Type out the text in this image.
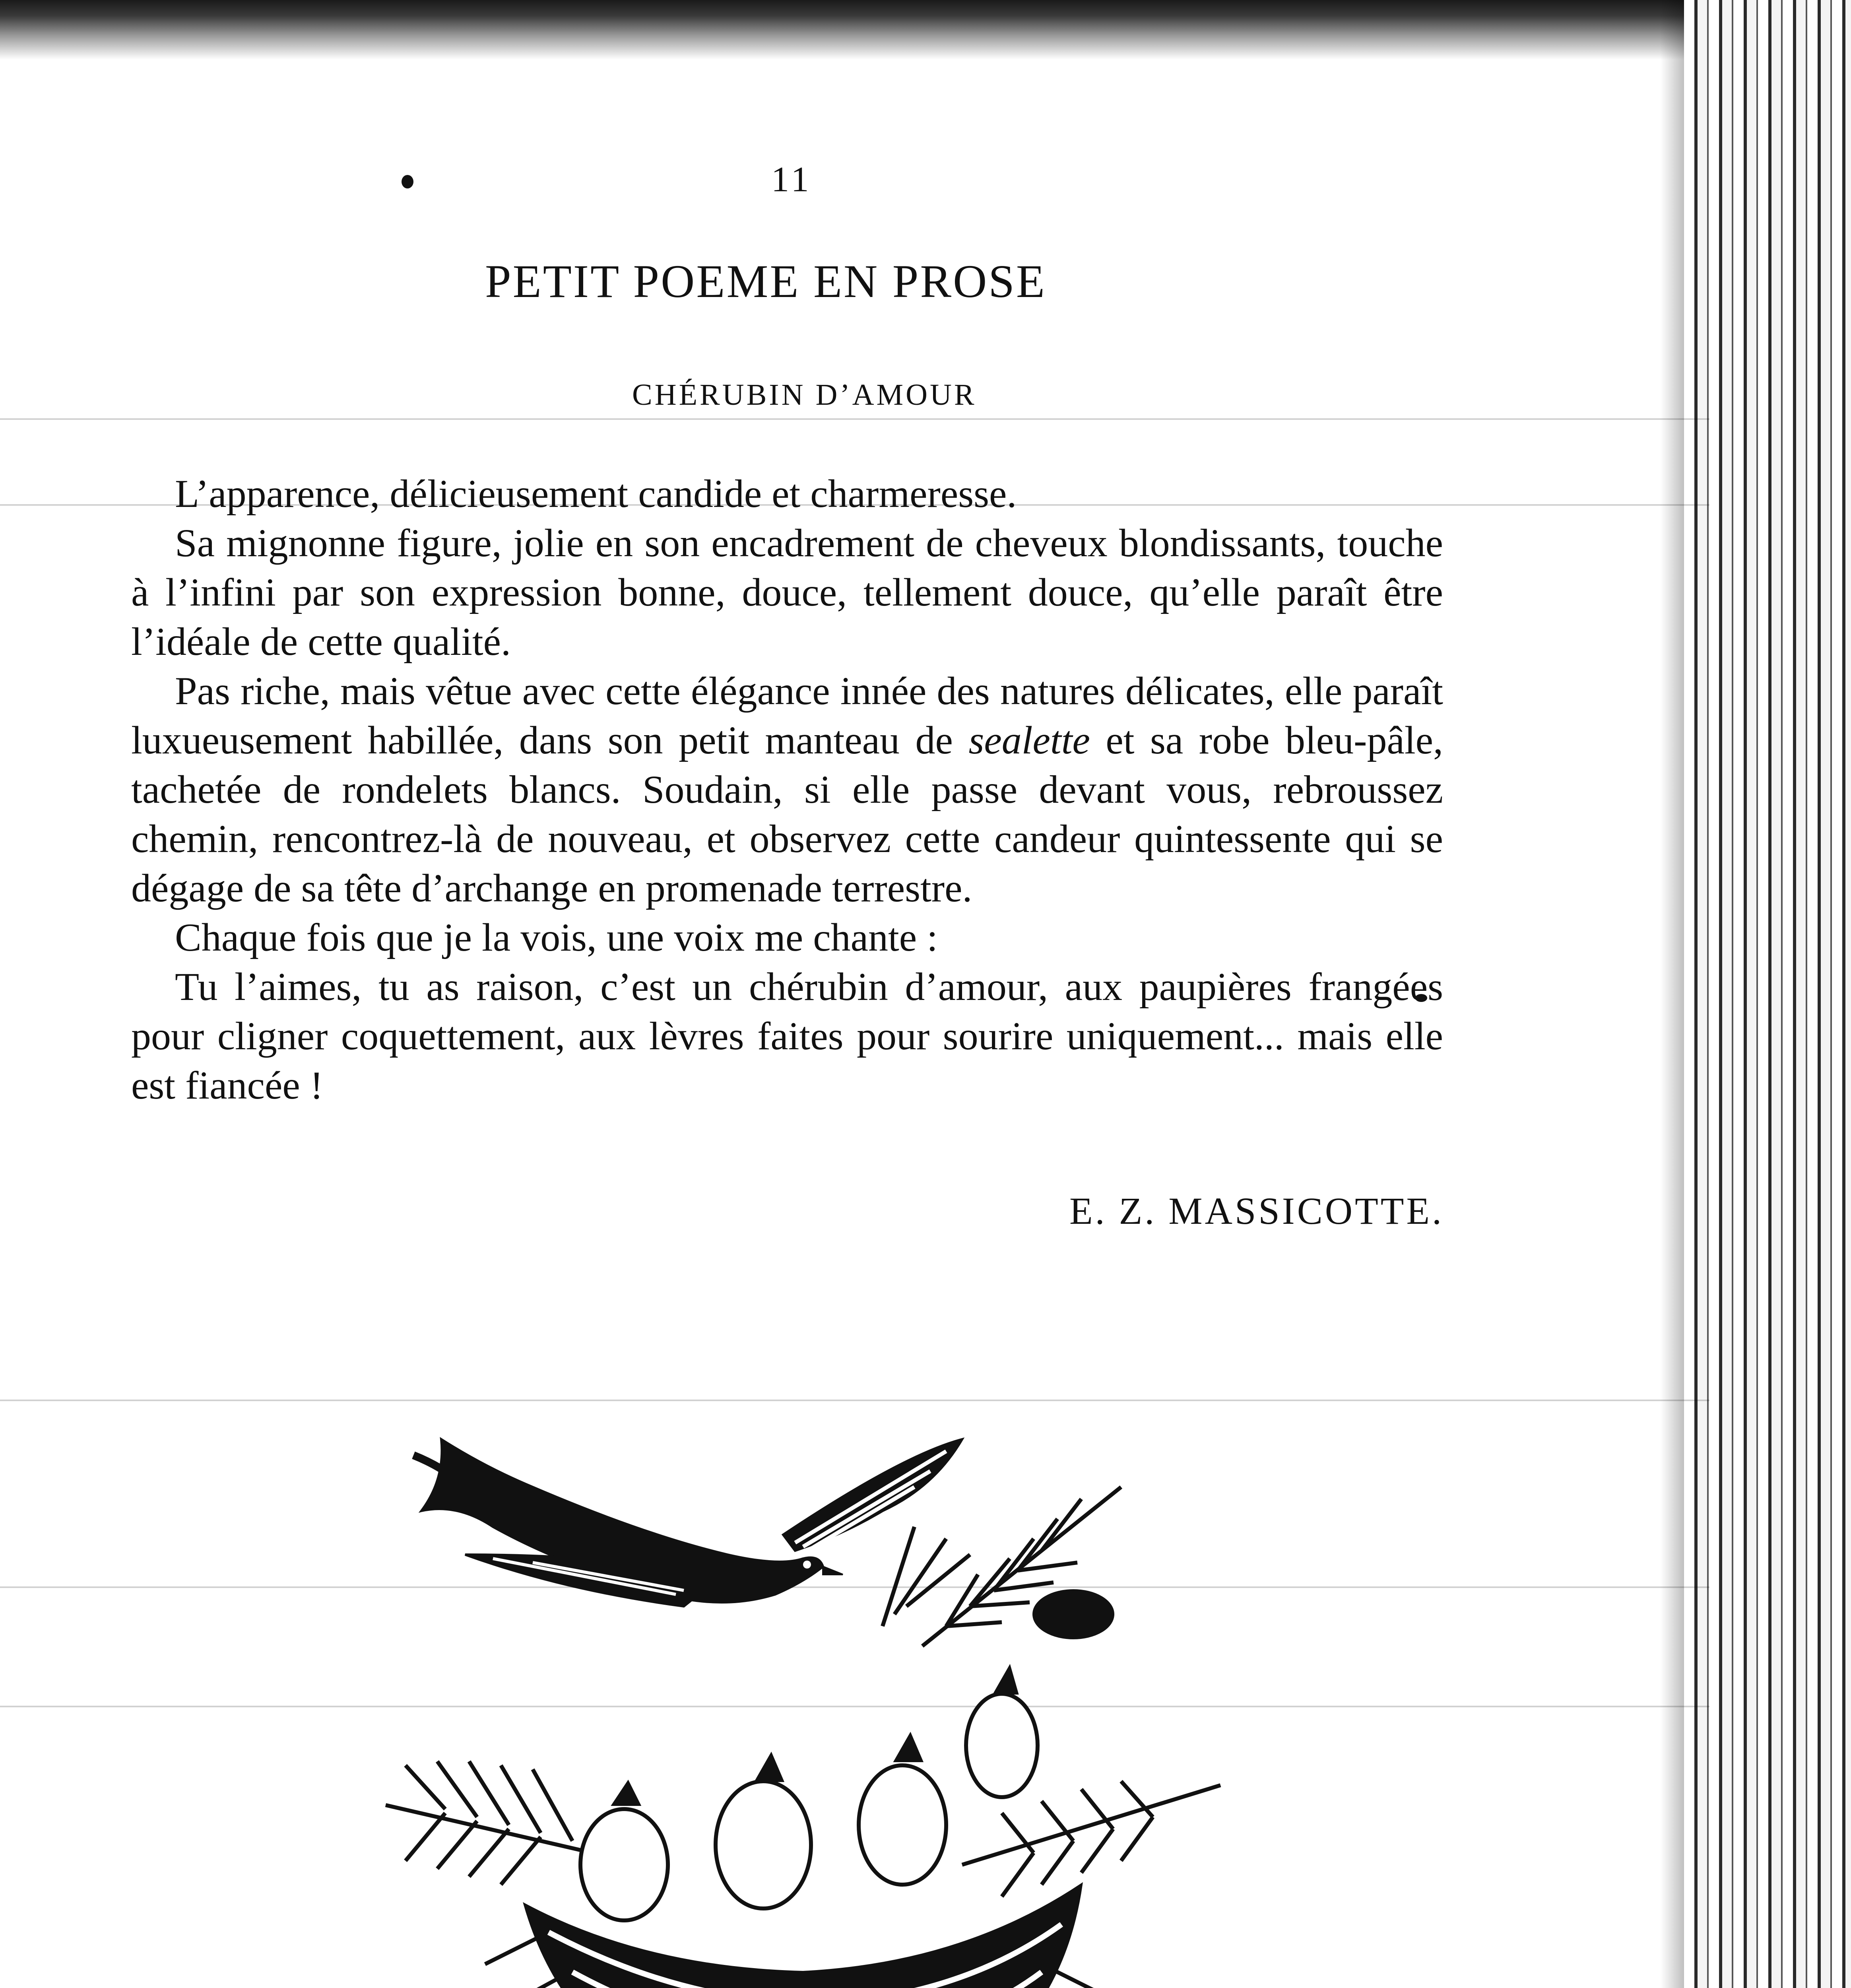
11
PETIT POEME EN PROSE
CHÉRUBIN D’AMOUR

L’apparence, délicieusement candide et charmeresse.

Sa mignonne figure, jolie en son encadrement de cheveux blondissants, touche à l’infini par son expression bonne, douce, tellement douce, qu’elle paraît être l’idéale de cette qualité.

Pas riche, mais vêtue avec cette élégance innée des natures délicates, elle paraît luxueusement habillée, dans son petit manteau de sealette et sa robe bleu-pâle, tachetée de rondelets blancs. Soudain, si elle passe devant vous, rebroussez chemin, rencontrez-là de nouveau, et observez cette candeur quintessente qui se dégage de sa tête d’archange en promenade terrestre.

Chaque fois que je la vois, une voix me chante :

Tu l’aimes, tu as raison, c’est un chérubin d’amour, aux paupières frangées pour cligner coquettement, aux lèvres faites pour sourire uniquement... mais elle est fiancée !

E. Z. MASSICOTTE.
